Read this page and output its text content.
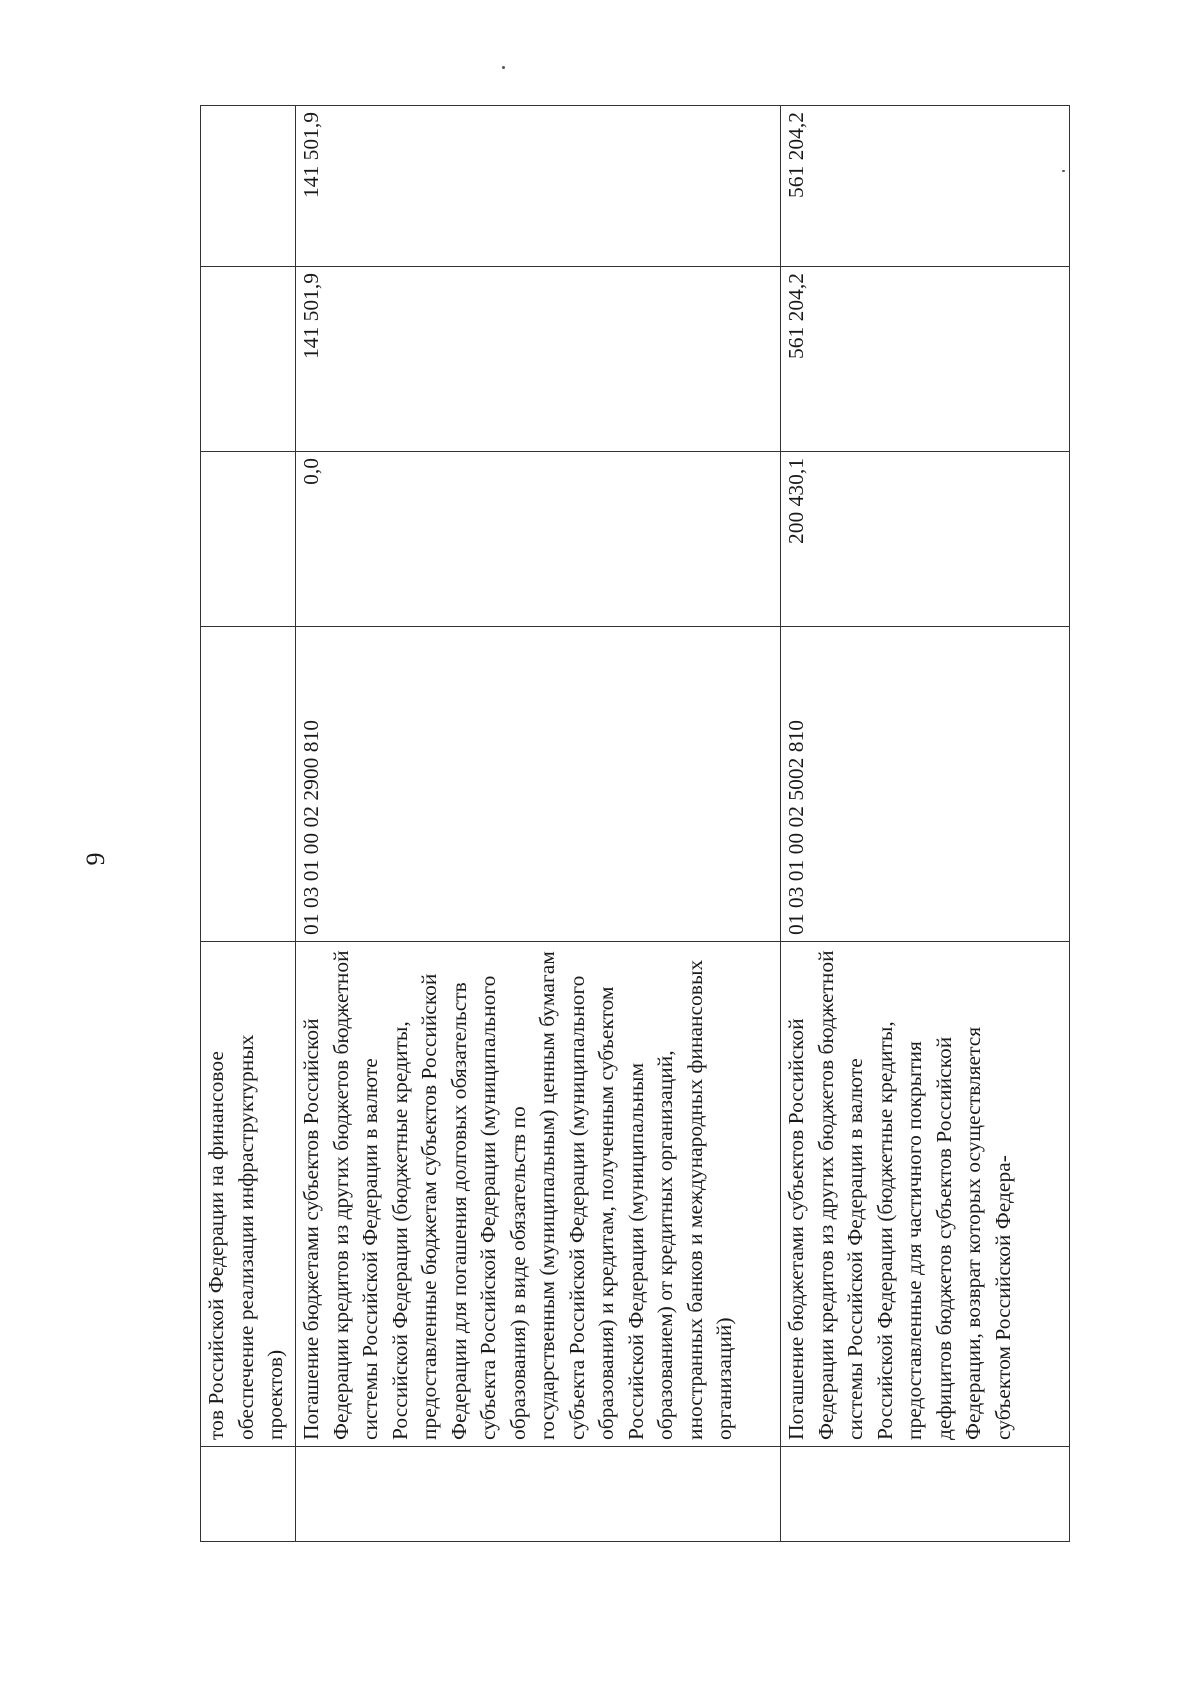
9
	тов Российской Федерации на финансовое обеспечение реализации инфраструктурных проектов)				
	Погашение бюджетами субъектов Российской Федерации кредитов из других бюджетов бюджетной системы Российской Федерации в валюте Российской Федерации (бюджетные кредиты, предоставленные бюджетам субъектов Российской Федерации для погашения долговых обязательств субъекта Российской Федерации (муниципального образования) в виде обязательств по государственным (муниципальным) ценным бумагам субъекта Российской Федерации (муниципального образования) и кредитам, полученным субъектом Российской Федерации (муниципальным образованием) от кредитных организаций, иностранных банков и международных финансовых организаций)	01 03 01 00 02 2900 810	0,0	141 501,9	141 501,9
	Погашение бюджетами субъектов Российской Федерации кредитов из других бюджетов бюджетной системы Российской Федерации в валюте Российской Федерации (бюджетные кредиты, предоставленные для частичного покрытия дефицитов бюджетов субъектов Российской Федерации, возврат которых осуществляется субъектом Российской Федера-	01 03 01 00 02 5002 810	200 430,1	561 204,2	561 204,2
